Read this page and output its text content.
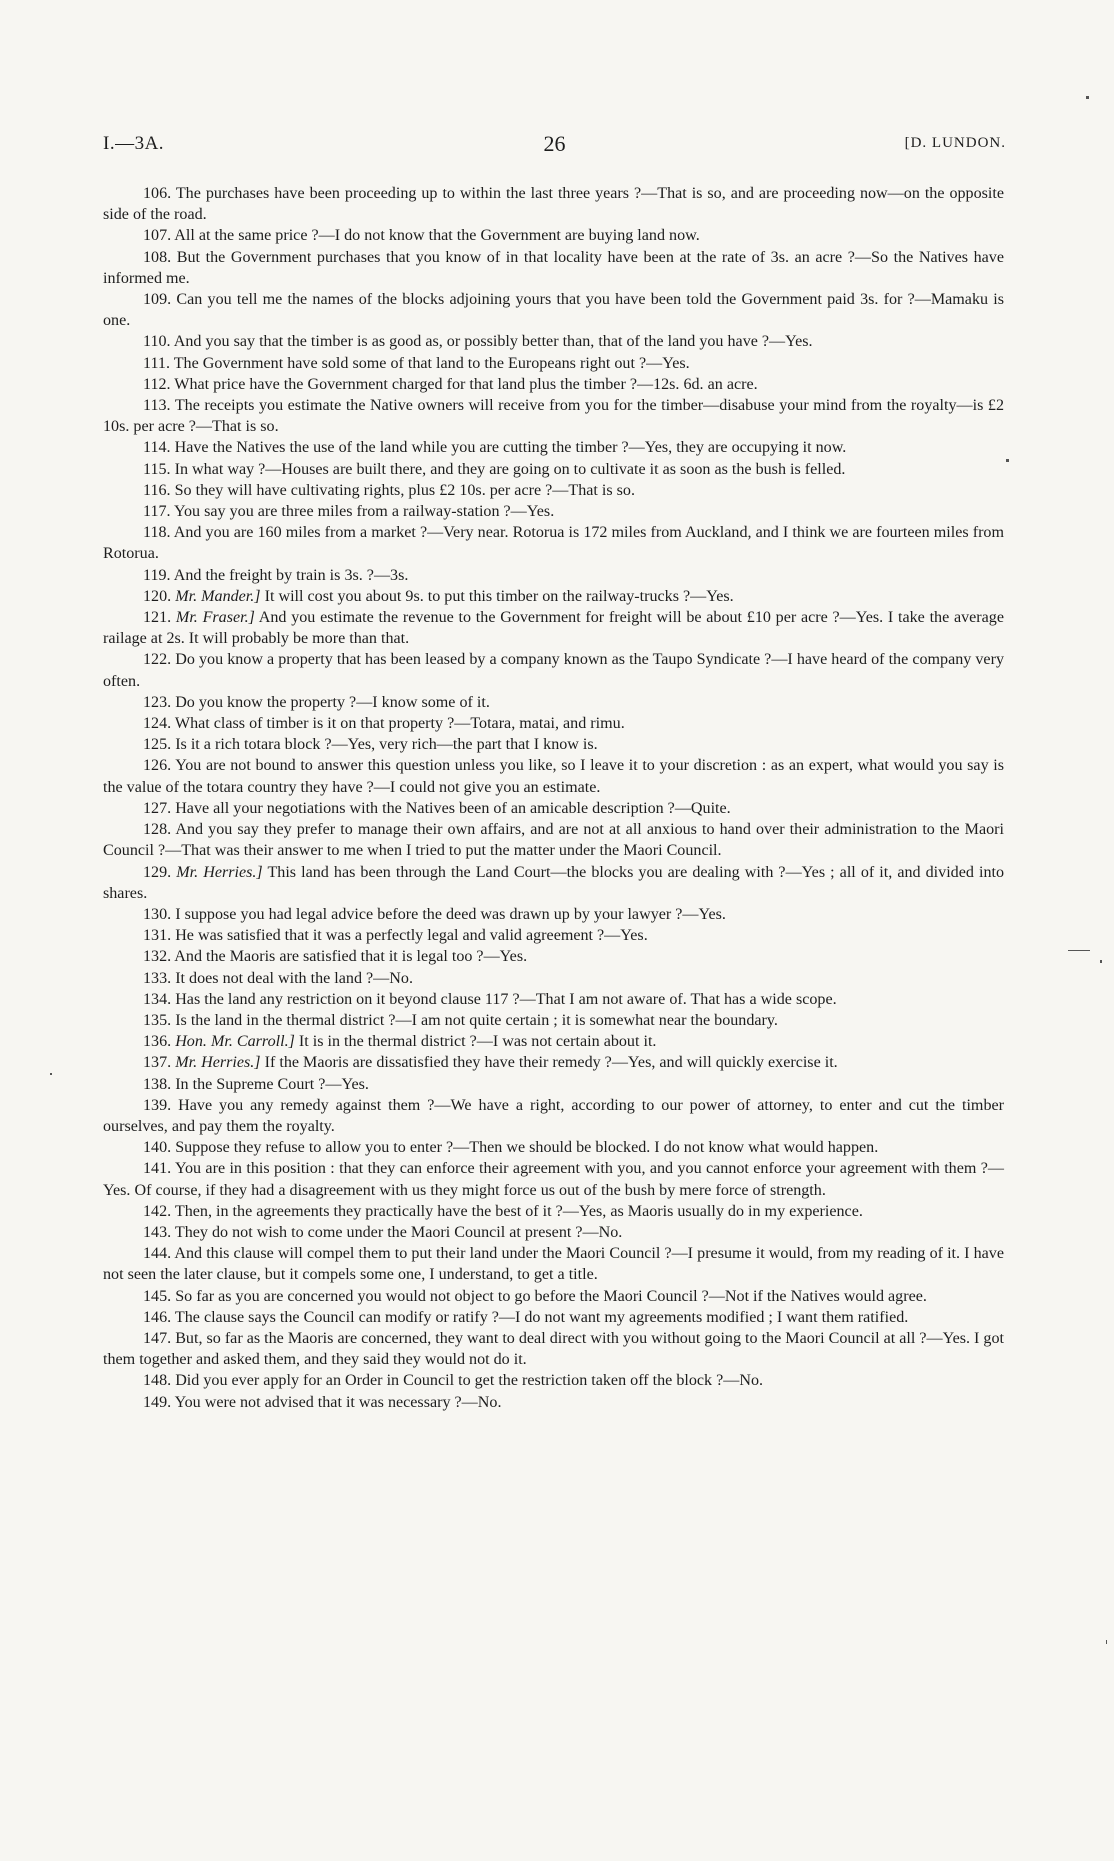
I.—3A.	26	[D. LUNDON.

106. The purchases have been proceeding up to within the last three years ?—That is so, and are proceeding now—on the opposite side of the road.

107. All at the same price ?—I do not know that the Government are buying land now.

108. But the Government purchases that you know of in that locality have been at the rate of 3s. an acre ?—So the Natives have informed me.

109. Can you tell me the names of the blocks adjoining yours that you have been told the Government paid 3s. for ?—Mamaku is one.

110. And you say that the timber is as good as, or possibly better than, that of the land you have ?—Yes.

111. The Government have sold some of that land to the Europeans right out ?—Yes.

112. What price have the Government charged for that land plus the timber ?—12s. 6d. an acre.

113. The receipts you estimate the Native owners will receive from you for the timber—disabuse your mind from the royalty—is £2 10s. per acre ?—That is so.

114. Have the Natives the use of the land while you are cutting the timber ?—Yes, they are occupying it now.

115. In what way ?—Houses are built there, and they are going on to cultivate it as soon as the bush is felled.

116. So they will have cultivating rights, plus £2 10s. per acre ?—That is so.

117. You say you are three miles from a railway-station ?—Yes.

118. And you are 160 miles from a market ?—Very near. Rotorua is 172 miles from Auckland, and I think we are fourteen miles from Rotorua.

119. And the freight by train is 3s. ?—3s.

120. Mr. Mander.] It will cost you about 9s. to put this timber on the railway-trucks ?—Yes.

121. Mr. Fraser.] And you estimate the revenue to the Government for freight will be about £10 per acre ?—Yes. I take the average railage at 2s. It will probably be more than that.

122. Do you know a property that has been leased by a company known as the Taupo Syndicate ?—I have heard of the company very often.

123. Do you know the property ?—I know some of it.

124. What class of timber is it on that property ?—Totara, matai, and rimu.

125. Is it a rich totara block ?—Yes, very rich—the part that I know is.

126. You are not bound to answer this question unless you like, so I leave it to your discretion : as an expert, what would you say is the value of the totara country they have ?—I could not give you an estimate.

127. Have all your negotiations with the Natives been of an amicable description ?—Quite.

128. And you say they prefer to manage their own affairs, and are not at all anxious to hand over their administration to the Maori Council ?—That was their answer to me when I tried to put the matter under the Maori Council.

129. Mr. Herries.] This land has been through the Land Court—the blocks you are dealing with ?—Yes ; all of it, and divided into shares.

130. I suppose you had legal advice before the deed was drawn up by your lawyer ?—Yes.

131. He was satisfied that it was a perfectly legal and valid agreement ?—Yes.

132. And the Maoris are satisfied that it is legal too ?—Yes.

133. It does not deal with the land ?—No.

134. Has the land any restriction on it beyond clause 117 ?—That I am not aware of. That has a wide scope.

135. Is the land in the thermal district ?—I am not quite certain ; it is somewhat near the boundary.

136. Hon. Mr. Carroll.] It is in the thermal district ?—I was not certain about it.

137. Mr. Herries.] If the Maoris are dissatisfied they have their remedy ?—Yes, and will quickly exercise it.

138. In the Supreme Court ?—Yes.

139. Have you any remedy against them ?—We have a right, according to our power of attorney, to enter and cut the timber ourselves, and pay them the royalty.

140. Suppose they refuse to allow you to enter ?—Then we should be blocked. I do not know what would happen.

141. You are in this position : that they can enforce their agreement with you, and you cannot enforce your agreement with them ?—Yes. Of course, if they had a disagreement with us they might force us out of the bush by mere force of strength.

142. Then, in the agreements they practically have the best of it ?—Yes, as Maoris usually do in my experience.

143. They do not wish to come under the Maori Council at present ?—No.

144. And this clause will compel them to put their land under the Maori Council ?—I presume it would, from my reading of it. I have not seen the later clause, but it compels some one, I understand, to get a title.

145. So far as you are concerned you would not object to go before the Maori Council ?—Not if the Natives would agree.

146. The clause says the Council can modify or ratify ?—I do not want my agreements modified ; I want them ratified.

147. But, so far as the Maoris are concerned, they want to deal direct with you without going to the Maori Council at all ?—Yes. I got them together and asked them, and they said they would not do it.

148. Did you ever apply for an Order in Council to get the restriction taken off the block ?—No.

149. You were not advised that it was necessary ?—No.
